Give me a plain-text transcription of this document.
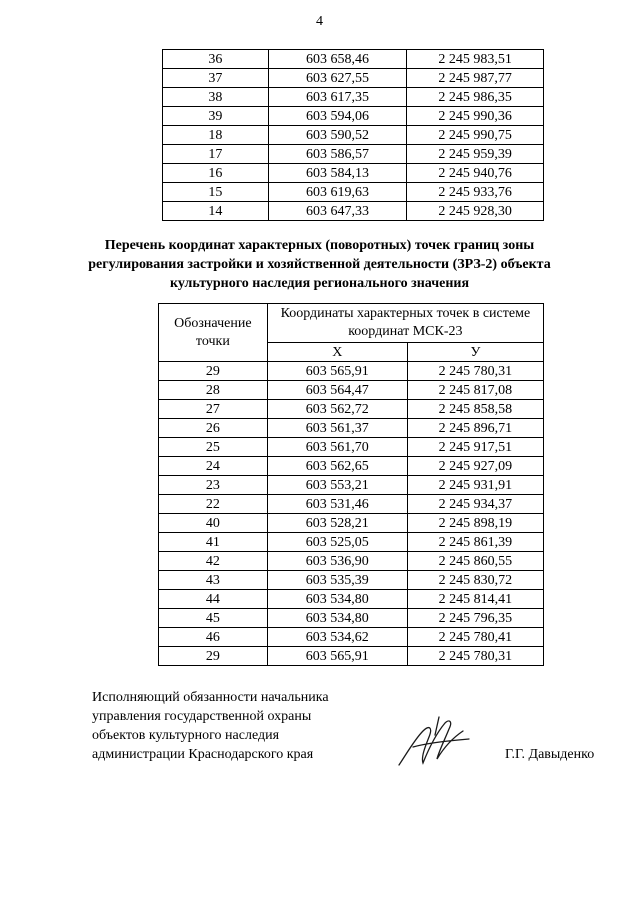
4
36	603 658,46	2 245 983,51
37	603 627,55	2 245 987,77
38	603 617,35	2 245 986,35
39	603 594,06	2 245 990,36
18	603 590,52	2 245 990,75
17	603 586,57	2 245 959,39
16	603 584,13	2 245 940,76
15	603 619,63	2 245 933,76
14	603 647,33	2 245 928,30
Перечень координат характерных (поворотных) точек границ зоны
регулирования застройки и хозяйственной деятельности (ЗРЗ-2) объекта
культурного наследия регионального значения
Обозначение точки	Координаты характерных точек в системе координат МСК-23	
	X	У
29	603 565,91	2 245 780,31
28	603 564,47	2 245 817,08
27	603 562,72	2 245 858,58
26	603 561,37	2 245 896,71
25	603 561,70	2 245 917,51
24	603 562,65	2 245 927,09
23	603 553,21	2 245 931,91
22	603 531,46	2 245 934,37
40	603 528,21	2 245 898,19
41	603 525,05	2 245 861,39
42	603 536,90	2 245 860,55
43	603 535,39	2 245 830,72
44	603 534,80	2 245 814,41
45	603 534,80	2 245 796,35
46	603 534,62	2 245 780,41
29	603 565,91	2 245 780,31
Исполняющий обязанности начальника
управления государственной охраны
объектов культурного наследия
администрации Краснодарского края	Г.Г. Давыденко
